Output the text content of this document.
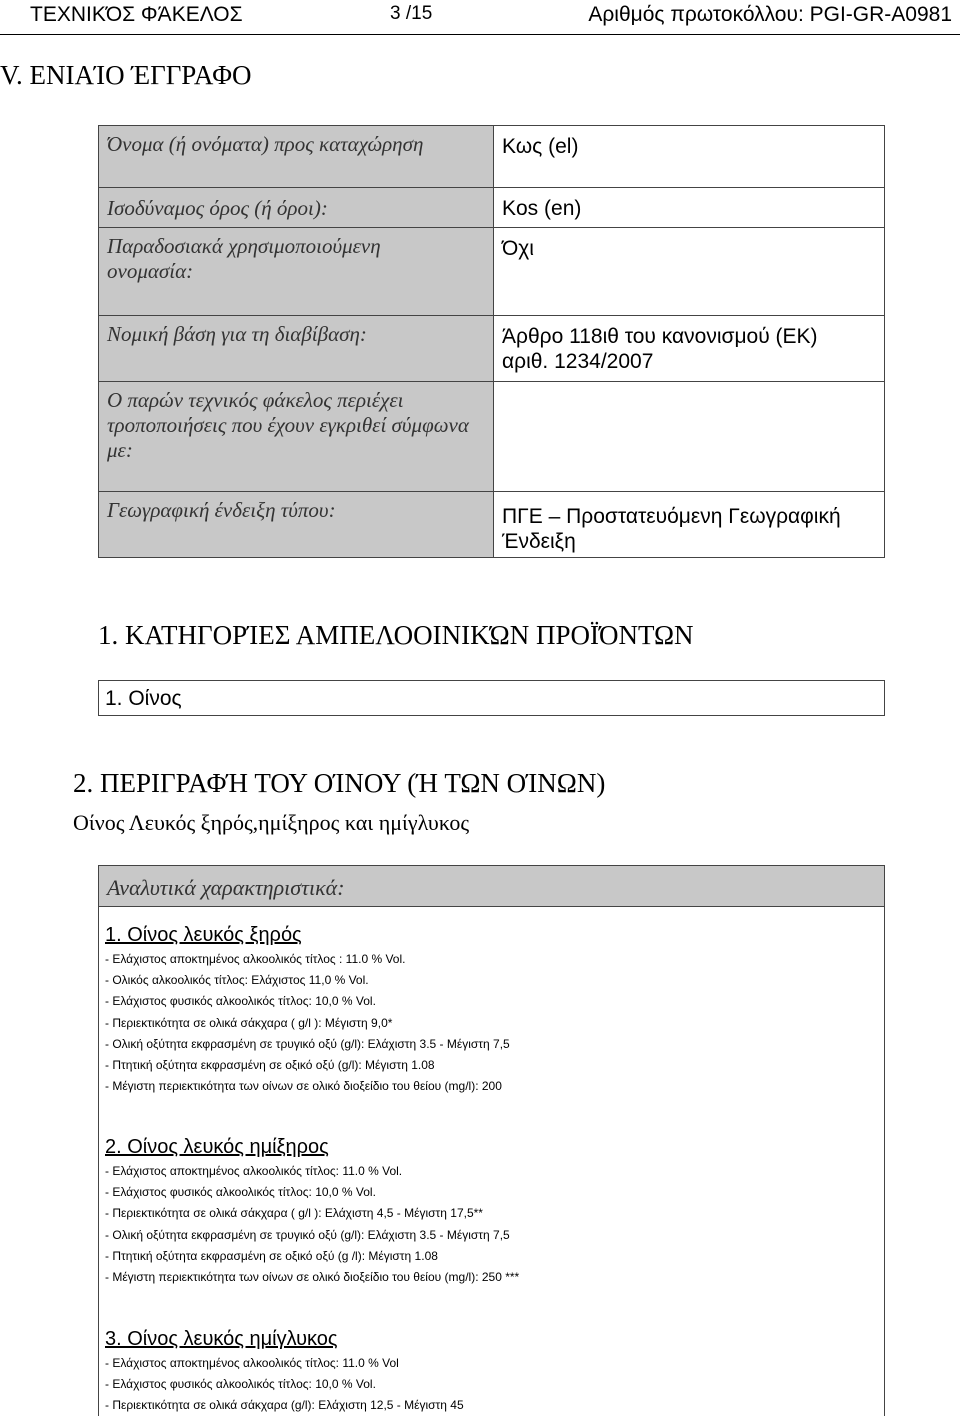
ΤΕΧΝΙΚΌΣ ΦΆΚΕΛΟΣ	3 /15	Αριθμός πρωτοκόλλου: PGI-GR-A0981
V. ΕΝΙΑΊΟ ΈΓΓΡΑΦΟ
Όνομα (ή ονόματα) προς καταχώρηση	Κως (el)
Ισοδύναμος όρος (ή όροι):	Kos (en)
Παραδοσιακά χρησιμοποιούμενη ονομασία:	Όχι
Νομική βάση για τη διαβίβαση:	Άρθρο 118ιθ του κανονισμού (ΕΚ) αριθ. 1234/2007
Ο παρών τεχνικός φάκελος περιέχει τροποποιήσεις που έχουν εγκριθεί σύμφωνα με:	
Γεωγραφική ένδειξη τύπου:	ΠΓΕ – Προστατευόμενη Γεωγραφική Ένδειξη
1. ΚΑΤΗΓΟΡΊΕΣ ΑΜΠΕΛΟΟΙΝΙΚΏΝ ΠΡΟΪΌΝΤΩΝ
1. Οίνος
2. ΠΕΡΙΓΡΑΦΉ ΤΟΥ ΟΊΝΟΥ (Ή ΤΩΝ ΟΊΝΩΝ)
Οίνος Λευκός ξηρός,ημίξηρος και ημίγλυκος
Αναλυτικά χαρακτηριστικά:
1. Οίνος λευκός ξηρός
- Ελάχιστος αποκτημένος αλκοολικός τίτλος : 11.0 % Vol.
- Ολικός αλκοολικός τίτλος: Ελάχιστος 11,0 % Vol.
- Ελάχιστος φυσικός αλκοολικός τίτλος: 10,0 % Vol.
- Περιεκτικότητα σε ολικά σάκχαρα ( g/l ): Μέγιστη 9,0*
- Ολική οξύτητα εκφρασμένη σε τρυγικό οξύ (g/l): Ελάχιστη 3.5 - Μέγιστη 7,5
- Πτητική οξύτητα εκφρασμένη σε οξικό οξύ (g/l): Μέγιστη 1.08
- Μέγιστη περιεκτικότητα των οίνων σε ολικό διοξείδιο του θείου (mg/l): 200
2. Οίνος λευκός ημίξηρος
- Ελάχιστος αποκτημένος αλκοολικός τίτλος: 11.0 % Vol.
- Ελάχιστος φυσικός αλκοολικός τίτλος: 10,0 % Vol.
- Περιεκτικότητα σε ολικά σάκχαρα ( g/l ): Ελάχιστη 4,5 - Μέγιστη 17,5**
- Ολική οξύτητα εκφρασμένη σε τρυγικό οξύ (g/l): Ελάχιστη 3.5 - Μέγιστη 7,5
- Πτητική οξύτητα εκφρασμένη σε οξικό οξύ (g /l): Μέγιστη 1.08
- Μέγιστη περιεκτικότητα των οίνων σε ολικό διοξείδιο του θείου (mg/l): 250 ***
3. Οίνος λευκός ημίγλυκος
- Ελάχιστος αποκτημένος αλκοολικός τίτλος: 11.0 % Vol
- Ελάχιστος φυσικός αλκοολικός τίτλος: 10,0 % Vol.
- Περιεκτικότητα σε ολικά σάκχαρα (g/l): Ελάχιστη 12,5 - Μέγιστη 45
